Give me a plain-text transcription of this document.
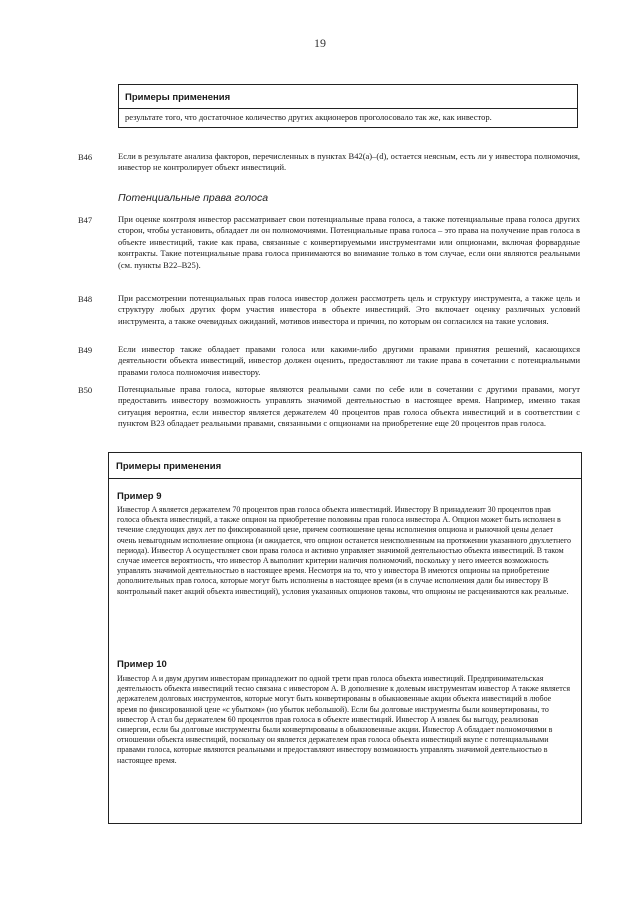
19
Примеры применения
результате того, что достаточное количество других акционеров проголосовало так же, как инвестор.
B46	Если в результате анализа факторов, перечисленных в пунктах B42(a)–(d), остается неясным, есть ли у инвестора полномочия, инвестор не контролирует объект инвестиций.
Потенциальные права голоса
B47	При оценке контроля инвестор рассматривает свои потенциальные права голоса, а также потенциальные права голоса других сторон, чтобы установить, обладает ли он полномочиями. Потенциальные права голоса – это права на получение прав голоса в объекте инвестиций, такие как права, связанные с конвертируемыми инструментами или опционами, включая форвардные контракты. Такие потенциальные права голоса принимаются во внимание только в том случае, если они являются реальными (см. пункты B22–B25).
B48	При рассмотрении потенциальных прав голоса инвестор должен рассмотреть цель и структуру инструмента, а также цель и структуру любых других форм участия инвестора в объекте инвестиций. Это включает оценку различных условий инструмента, а также очевидных ожиданий, мотивов инвестора и причин, по которым он согласился на такие условия.
B49	Если инвестор также обладает правами голоса или какими-либо другими правами принятия решений, касающихся деятельности объекта инвестиций, инвестор должен оценить, предоставляют ли такие права в сочетании с потенциальными правами голоса полномочия инвестору.
B50	Потенциальные права голоса, которые являются реальными сами по себе или в сочетании с другими правами, могут предоставить инвестору возможность управлять значимой деятельностью в настоящее время. Например, именно такая ситуация вероятна, если инвестор является держателем 40 процентов прав голоса объекта инвестиций и в соответствии с пунктом B23 обладает реальными правами, связанными с опционами на приобретение еще 20 процентов прав голоса.
Примеры применения
Пример 9
Инвестор A является держателем 70 процентов прав голоса объекта инвестиций. Инвестору B принадлежит 30 процентов прав голоса объекта инвестиций, а также опцион на приобретение половины прав голоса инвестора A. Опцион может быть исполнен в течение следующих двух лет по фиксированной цене, причем соотношение цены исполнения опциона и рыночной цены делает очень невыгодным исполнение опциона (и ожидается, что опцион останется неисполненным на протяжении указанного двухлетнего периода). Инвестор A осуществляет свои права голоса и активно управляет значимой деятельностью объекта инвестиций. В таком случае имеется вероятность, что инвестор A выполнит критерии наличия полномочий, поскольку у него имеется возможность управлять значимой деятельностью в настоящее время. Несмотря на то, что у инвестора B имеются опционы на приобретение дополнительных прав голоса, которые могут быть исполнены в настоящее время (и в случае исполнения дали бы инвестору B контрольный пакет акций объекта инвестиций), условия указанных опционов таковы, что опционы не расцениваются как реальные.
Пример 10
Инвестор A и двум другим инвесторам принадлежит по одной трети прав голоса объекта инвестиций. Предпринимательская деятельность объекта инвестиций тесно связана с инвестором A. В дополнение к долевым инструментам инвестор A также является держателем долговых инструментов, которые могут быть конвертированы в обыкновенные акции объекта инвестиций в любое время по фиксированной цене «с убытком» (но убыток небольшой). Если бы долговые инструменты были конвертированы, то инвестор A стал бы держателем 60 процентов прав голоса в объекте инвестиций. Инвестор A извлек бы выгоду, реализовав синергии, если бы долговые инструменты были конвертированы в обыкновенные акции. Инвестор A обладает полномочиями в отношении объекта инвестиций, поскольку он является держателем прав голоса объекта инвестиций вкупе с потенциальными правами голоса, которые являются реальными и предоставляют инвестору возможность управлять значимой деятельностью в настоящее время.
